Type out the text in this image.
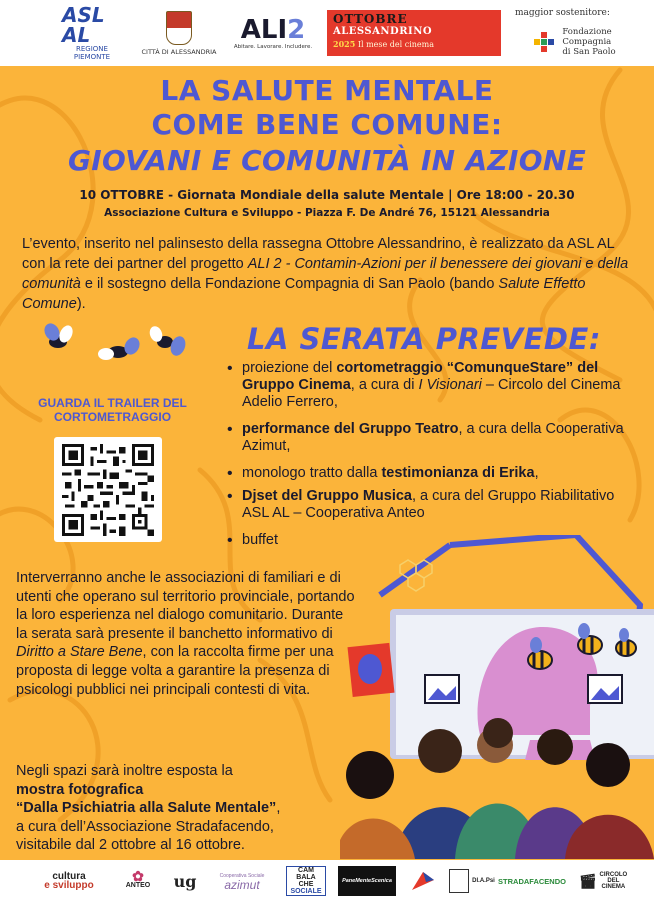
ASL AL
REGIONE
PIEMONTE
CITTÀ DI ALESSANDRIA
ALI2
Abitare. Lavorare. Includere.
OTTOBRE
ALESSANDRINO
2025 Il mese del cinema
maggior sostenitore:
Fondazione
Compagnia
di San Paolo
LA SALUTE MENTALE
COME BENE COMUNE:
GIOVANI E COMUNITÀ IN AZIONE
10 OTTOBRE - Giornata Mondiale della salute Mentale | Ore 18:00 - 20.30
Associazione Cultura e Sviluppo - Piazza F. De André 76, 15121 Alessandria

L’evento, inserito nel palinsesto della rassegna Ottobre Alessandrino, è realizzato da ASL AL con la rete dei partner del progetto ALI 2 - Contamin-Azioni per il benessere dei giovani e della comunità e il sostegno della Fondazione Compagnia di San Paolo (bando Salute Effetto Comune).

LA SERATA PREVEDE:
GUARDA IL TRAILER DEL
CORTOMETRAGGIO
• proiezione del cortometraggio “ComunqueStare” del Gruppo Cinema, a cura di I Visionari – Circolo del Cinema Adelio Ferrero,
• performance del Gruppo Teatro, a cura della Cooperativa Azimut,
• monologo tratto dalla testimonianza di Erika,
• Djset del Gruppo Musica, a cura del Gruppo Riabilitativo ASL AL – Cooperativa Anteo
• buffet

Interverranno anche le associazioni di familiari e di utenti che operano sul territorio provinciale, portando la loro esperienza nel dialogo comunitario. Durante la serata sarà presente il banchetto informativo di Diritto a Stare Bene, con la raccolta firme per una proposta di legge volta a garantire la presenza di psicologi pubblici nei principali contesti di vita.

Negli spazi sarà inoltre esposta la
mostra fotografica
“Dalla Psichiatria alla Salute Mentale”,
a cura dell’Associazione Stradafacendo,
visitabile dal 2 ottobre al 16 ottobre.

cultura
e sviluppo
✿
ANTEO ug	Cooperativa Sociale
azimut
CAM
BALA
CHE
SOCIALE
PaneMenteScenica	DI.A.Psi STRADAFACENDO 🎬︎ CIRCOLO
DEL
CINEMA
